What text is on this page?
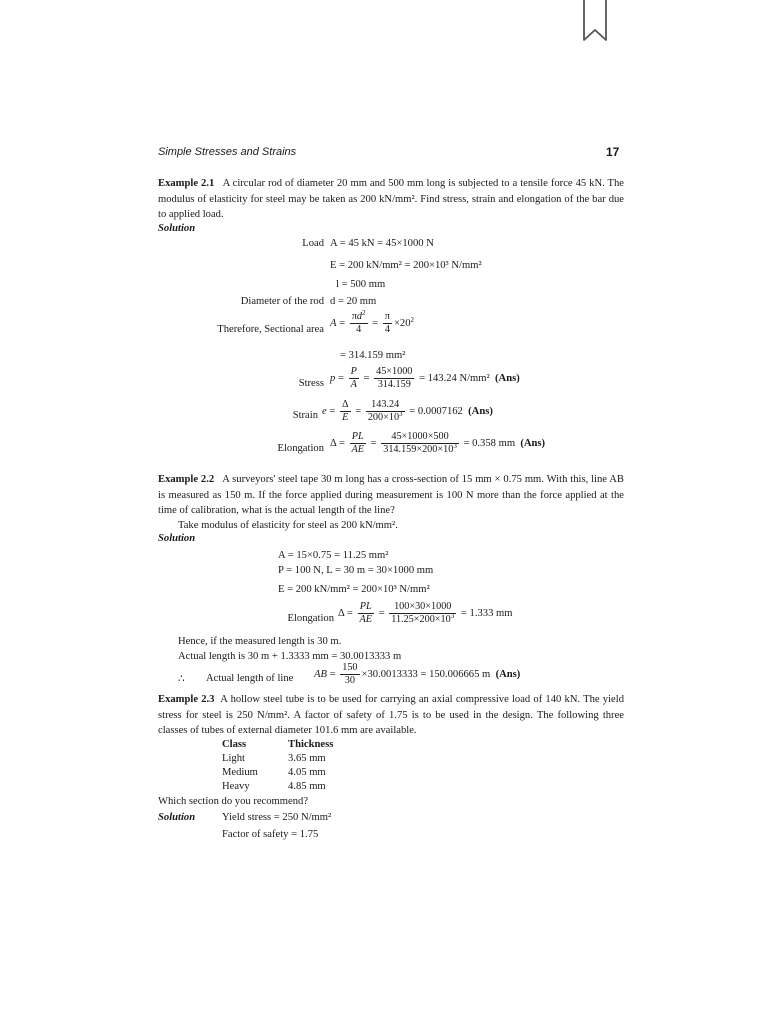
Simple Stresses and Strains	17
Example 2.1 A circular rod of diameter 20 mm and 500 mm long is subjected to a tensile force 45 kN. The modulus of elasticity for steel may be taken as 200 kN/mm². Find stress, strain and elongation of the bar due to applied load.
Solution
Load A = 45 kN = 45×1000 N
E = 200 kN/mm² = 200×10³ N/mm²
l = 500 mm
Diameter of the rod d = 20 mm
Therefore, Sectional area
$A = \frac{\pi d^2}{4} = \frac{\pi}{4} \times 20^2$
= 314.159 mm²
Stress $p = \frac{P}{A} = \frac{45\times 1000}{314.159} = 143.24$ N/mm² (Ans)
Strain $e = \frac{\Delta}{E} = \frac{143.24}{200\times 10^3} = 0.0007162$ (Ans)
Elongation $\Delta = \frac{PL}{AE} = \frac{45\times 1000\times 500}{314.159\times 200\times 10^3} = 0.358$ mm (Ans)
Example 2.2 A surveyors' steel tape 30 m long has a cross-section of 15 mm × 0.75 mm. With this, line AB is measured as 150 m. If the force applied during measurement is 100 N more than the force applied at the time of calibration, what is the actual length of the line?
Take modulus of elasticity for steel as 200 kN/mm².
Solution
A = 15×0.75 = 11.25 mm²
P = 100 N, L = 30 m = 30×1000 mm
E = 200 kN/mm² = 200×10³ N/mm²
Elongation $\Delta = \frac{PL}{AE} = \frac{100\times 30\times 1000}{11.25\times 200\times 10^3} = 1.333$ mm
Hence, if the measured length is 30 m.
Actual length is 30 m + 1.3333 mm = 30.0013333 m
∴ Actual length of line AB = $\frac{150}{30} \times 30.0013333 = 150.006665$ m (Ans)
Example 2.3 A hollow steel tube is to be used for carrying an axial compressive load of 140 kN. The yield stress for steel is 250 N/mm². A factor of safety of 1.75 is to be used in the design. The following three classes of tubes of external diameter 101.6 mm are available.
Class	Thickness
Light	3.65 mm
Medium	4.05 mm
Heavy	4.85 mm
Which section do you recommend?
Solution	Yield stress = 250 N/mm²
Factor of safety = 1.75
